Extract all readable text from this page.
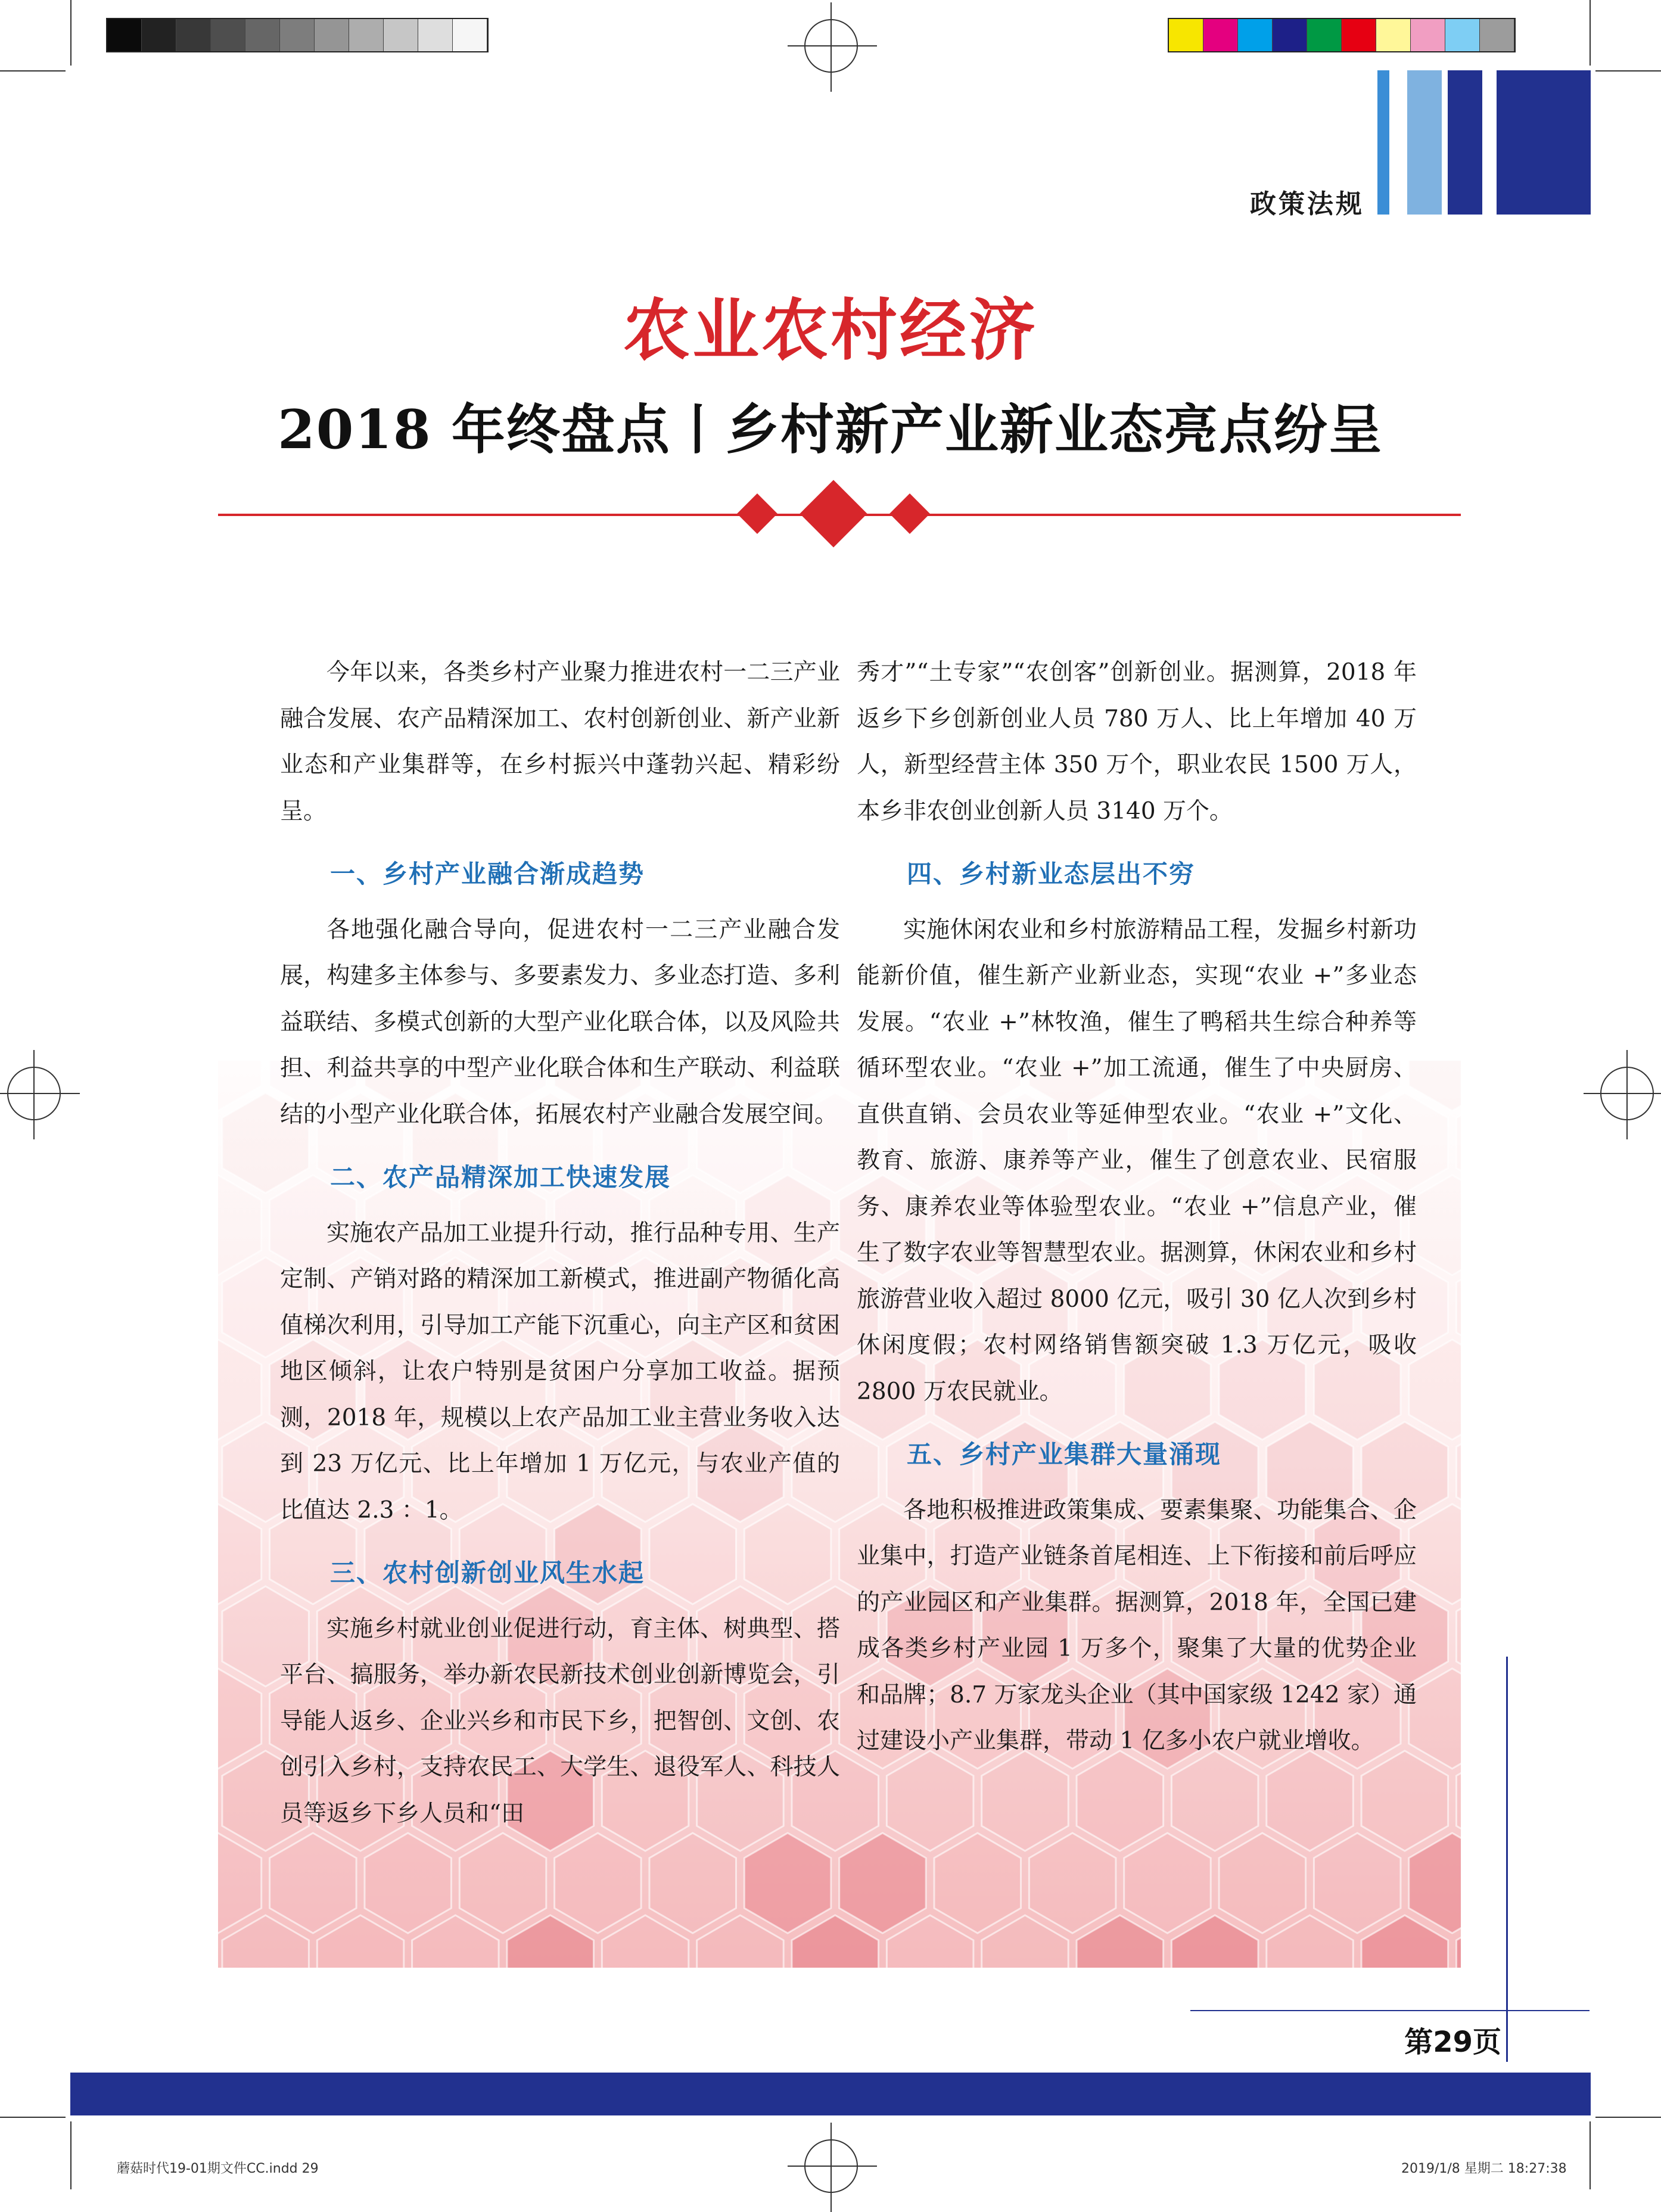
政策法规
农业农村经济
2018 年终盘点丨乡村新产业新业态亮点纷呈

今年以来，各类乡村产业聚力推进农村一二三产业融合发展、农产品精深加工、农村创新创业、新产业新业态和产业集群等，在乡村振兴中蓬勃兴起、精彩纷呈。

一、乡村产业融合渐成趋势

各地强化融合导向，促进农村一二三产业融合发展，构建多主体参与、多要素发力、多业态打造、多利益联结、多模式创新的大型产业化联合体，以及风险共担、利益共享的中型产业化联合体和生产联动、利益联结的小型产业化联合体，拓展农村产业融合发展空间。

二、农产品精深加工快速发展

实施农产品加工业提升行动，推行品种专用、生产定制、产销对路的精深加工新模式，推进副产物循化高值梯次利用，引导加工产能下沉重心，向主产区和贫困地区倾斜，让农户特别是贫困户分享加工收益。据预测，2018 年，规模以上农产品加工业主营业务收入达到 23 万亿元、比上年增加 1 万亿元，与农业产值的比值达 2.3 ：1。

三、农村创新创业风生水起

实施乡村就业创业促进行动，育主体、树典型、搭平台、搞服务，举办新农民新技术创业创新博览会，引导能人返乡、企业兴乡和市民下乡，把智创、文创、农创引入乡村，支持农民工、大学生、退役军人、科技人员等返乡下乡人员和“田

秀才”“土专家”“农创客”创新创业。据测算，2018 年返乡下乡创新创业人员 780 万人、比上年增加 40 万人，新型经营主体 350 万个，职业农民 1500 万人，本乡非农创业创新人员 3140 万个。

四、乡村新业态层出不穷

实施休闲农业和乡村旅游精品工程，发掘乡村新功能新价值，催生新产业新业态，实现“农业 +”多业态发展。“农业 +”林牧渔，催生了鸭稻共生综合种养等循环型农业。“农业 +”加工流通，催生了中央厨房、直供直销、会员农业等延伸型农业。“农业 +”文化、教育、旅游、康养等产业，催生了创意农业、民宿服务、康养农业等体验型农业。“农业 +”信息产业，催生了数字农业等智慧型农业。据测算，休闲农业和乡村旅游营业收入超过 8000 亿元，吸引 30 亿人次到乡村休闲度假；农村网络销售额突破 1.3 万亿元，吸收 2800 万农民就业。

五、乡村产业集群大量涌现

各地积极推进政策集成、要素集聚、功能集合、企业集中，打造产业链条首尾相连、上下衔接和前后呼应的产业园区和产业集群。据测算，2018 年，全国已建成各类乡村产业园 1 万多个，聚集了大量的优势企业和品牌；8.7 万家龙头企业（其中国家级 1242 家）通过建设小产业集群，带动 1 亿多小农户就业增收。

第29页
蘑菇时代19-01期文件CC.indd 29	2019/1/8 星期二 18:27:38
